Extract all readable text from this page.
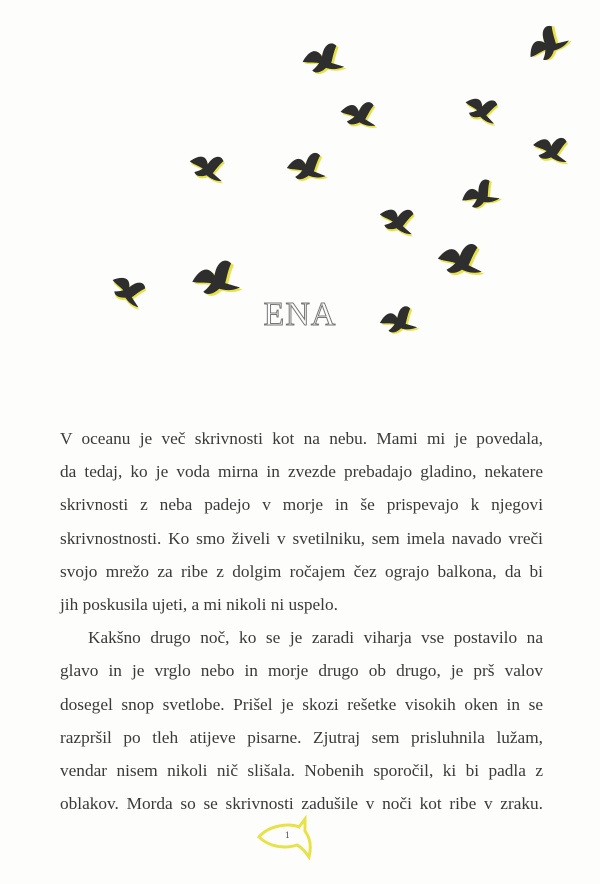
ENA

V oceanu je več skrivnosti kot na nebu. Mami mi je povedala,
da tedaj, ko je voda mirna in zvezde prebadajo gladino, nekatere
skrivnosti z neba padejo v morje in še prispevajo k njegovi
skrivnostnosti. Ko smo živeli v svetilniku, sem imela navado vreči
svojo mrežo za ribe z dolgim ročajem čez ograjo balkona, da bi
jih poskusila ujeti, a mi nikoli ni uspelo.

Kakšno drugo noč, ko se je zaradi viharja vse postavilo na
glavo in je vrglo nebo in morje drugo ob drugo, je prš valov
dosegel snop svetlobe. Prišel je skozi rešetke visokih oken in se
razpršil po tleh atijeve pisarne. Zjutraj sem prisluhnila lužam,
vendar nisem nikoli nič slišala. Nobenih sporočil, ki bi padla z
oblakov. Morda so se skrivnosti zadušile v noči kot ribe v zraku.

1
